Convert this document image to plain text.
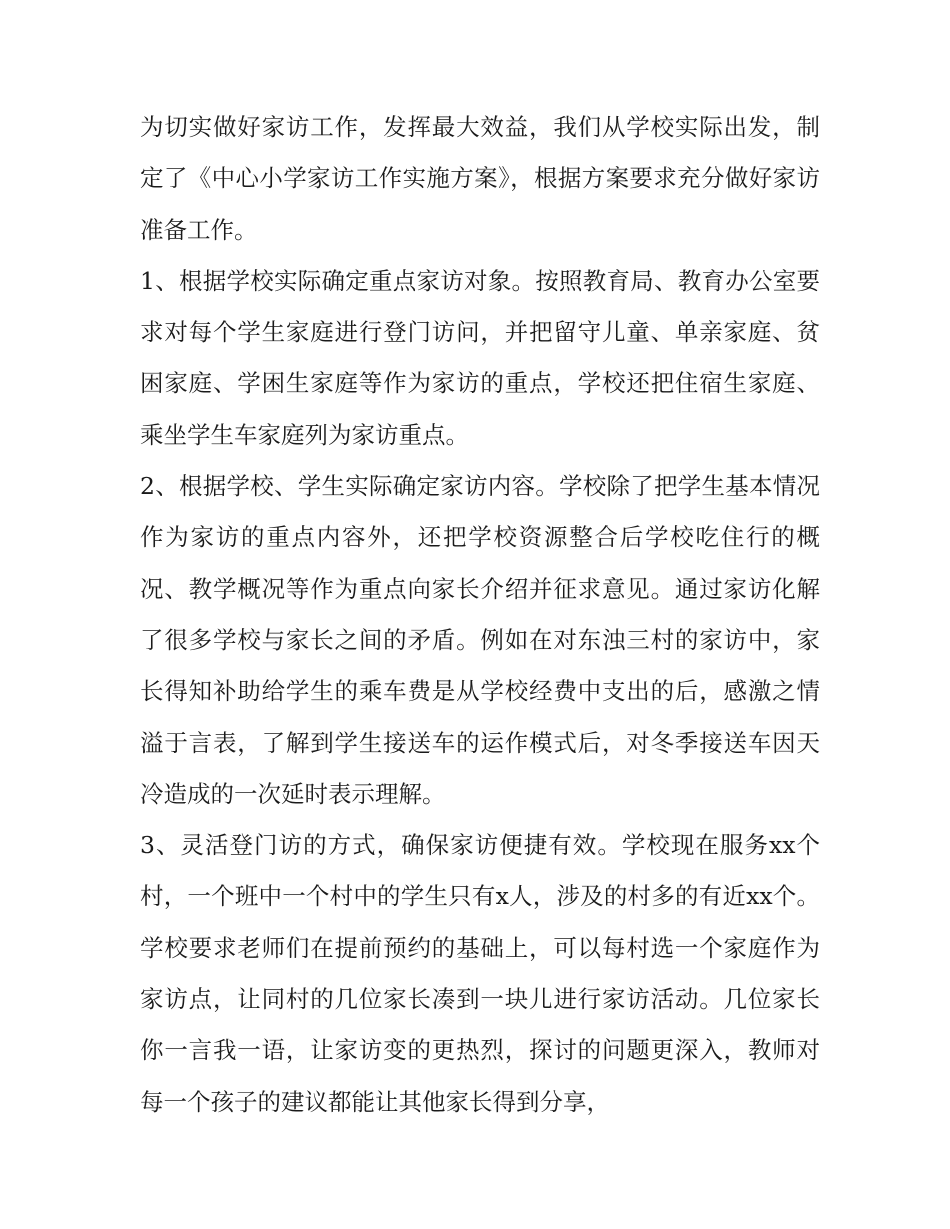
为切实做好家访工作，发挥最大效益，我们从学校实际出发，制定了《中心小学家访工作实施方案》，根据方案要求充分做好家访准备工作。

1、根据学校实际确定重点家访对象。按照教育局、教育办公室要求对每个学生家庭进行登门访问，并把留守儿童、单亲家庭、贫困家庭、学困生家庭等作为家访的重点，学校还把住宿生家庭、乘坐学生车家庭列为家访重点。

2、根据学校、学生实际确定家访内容。学校除了把学生基本情况作为家访的重点内容外，还把学校资源整合后学校吃住行的概况、教学概况等作为重点向家长介绍并征求意见。通过家访化解了很多学校与家长之间的矛盾。例如在对东浊三村的家访中，家长得知补助给学生的乘车费是从学校经费中支出的后，感激之情溢于言表，了解到学生接送车的运作模式后，对冬季接送车因天冷造成的一次延时表示理解。

3、灵活登门访的方式，确保家访便捷有效。学校现在服务xx个村，一个班中一个村中的学生只有x人，涉及的村多的有近xx个。学校要求老师们在提前预约的基础上，可以每村选一个家庭作为家访点，让同村的几位家长凑到一块儿进行家访活动。几位家长你一言我一语，让家访变的更热烈，探讨的问题更深入，教师对每一个孩子的建议都能让其他家长得到分享，
